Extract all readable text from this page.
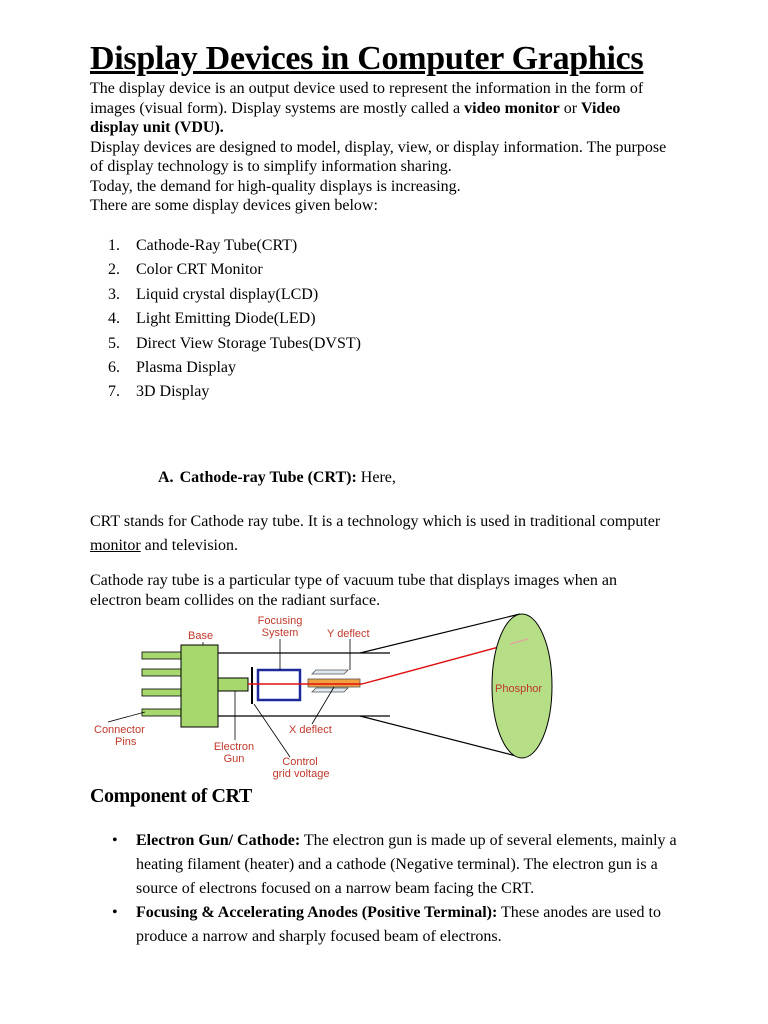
Display Devices in Computer Graphics

The display device is an output device used to represent the information in the form of images (visual form). Display systems are mostly called a video monitor or Video display unit (VDU).

Display devices are designed to model, display, view, or display information. The purpose of display technology is to simplify information sharing.

Today, the demand for high-quality displays is increasing.

There are some display devices given below:

1.	Cathode-Ray Tube(CRT)
2.	Color CRT Monitor
3.	Liquid crystal display(LCD)
4.	Light Emitting Diode(LED)
5.	Direct View Storage Tubes(DVST)
6.	Plasma Display
7.	3D Display
A. Cathode-ray Tube (CRT): Here,
CRT stands for Cathode ray tube. It is a technology which is used in traditional computer monitor and television.
Cathode ray tube is a particular type of vacuum tube that displays images when an electron beam collides on the radiant surface.
Base
Focusing
System	Y deflect
Phosphor
Connector
Pins	Electron
Gun
X deflect
Control
grid voltage
Component of CRT
• Electron Gun/ Cathode: The electron gun is made up of several elements, mainly a heating filament (heater) and a cathode (Negative terminal). The electron gun is a source of electrons focused on a narrow beam facing the CRT.
• Focusing & Accelerating Anodes (Positive Terminal): These anodes are used to produce a narrow and sharply focused beam of electrons.
